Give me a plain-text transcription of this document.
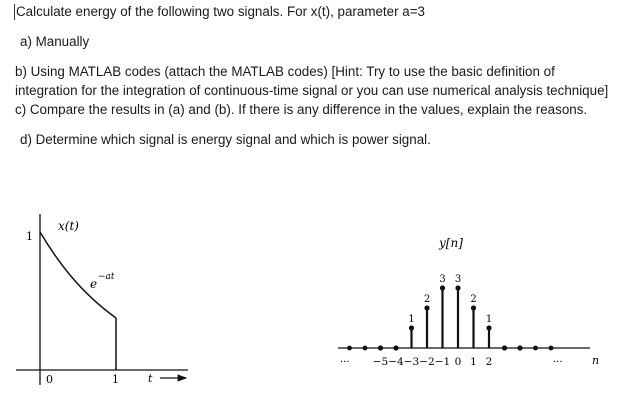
Calculate energy of the following two signals. For x(t), parameter a=3
a) Manually
b) Using MATLAB codes (attach the MATLAB codes) [Hint: Try to use the basic definition of
integration for the integration of continuous-time signal or you can use numerical analysis technique]
c) Compare the results in (a) and (b). If there is any difference in the values, explain the reasons.
d) Determine which signal is energy signal and which is power signal.
x(t)
1
e −at
0	1	t
y[n]
···	···	n
1
2
3 3
2
1
−5 −4 −3 −2 −1 0 1 2
